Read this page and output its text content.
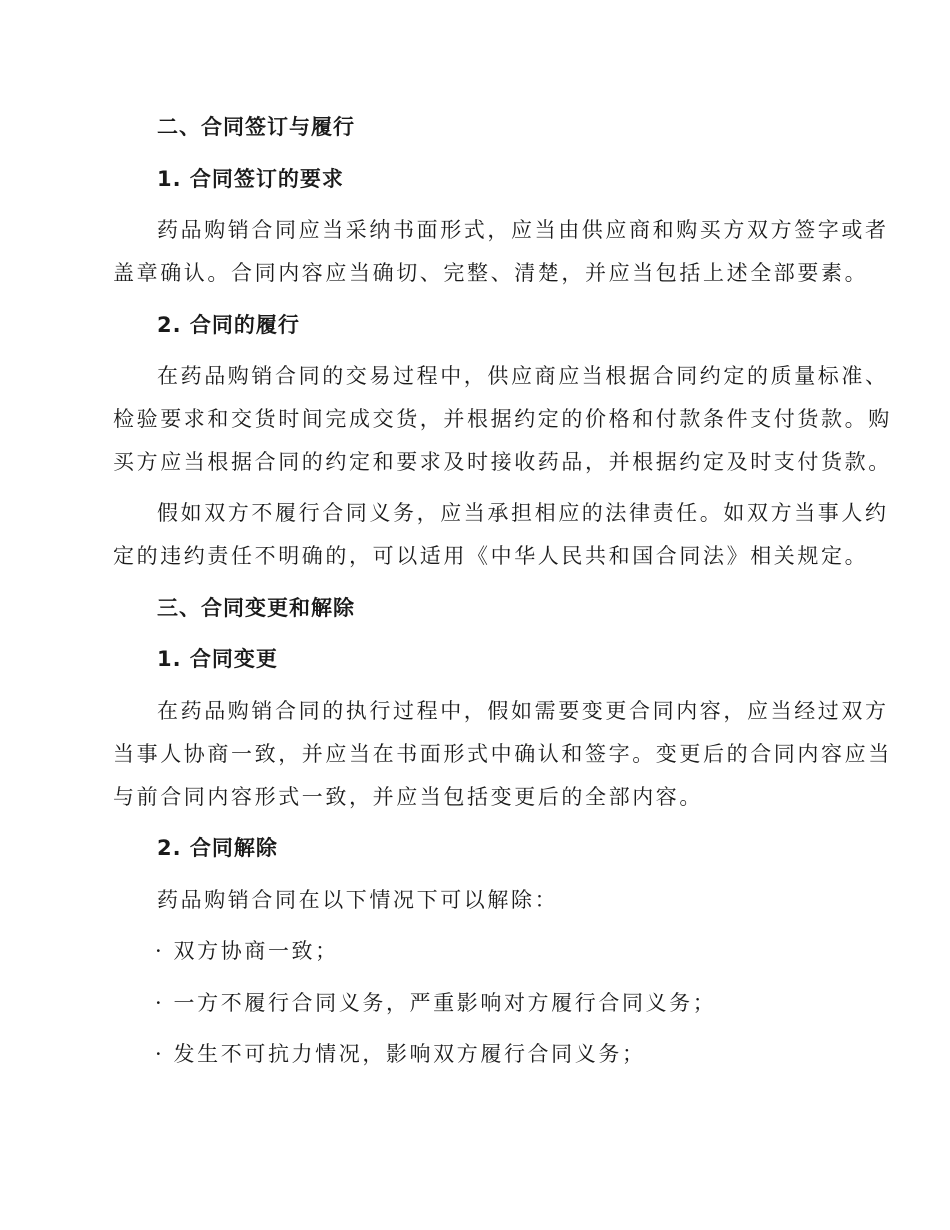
二、合同签订与履行
1. 合同签订的要求
药品购销合同应当采纳书面形式，应当由供应商和购买方双方签字或者
盖章确认。合同内容应当确切、完整、清楚，并应当包括上述全部要素。
2. 合同的履行
在药品购销合同的交易过程中，供应商应当根据合同约定的质量标准、
检验要求和交货时间完成交货，并根据约定的价格和付款条件支付货款。购
买方应当根据合同的约定和要求及时接收药品，并根据约定及时支付货款。
假如双方不履行合同义务，应当承担相应的法律责任。如双方当事人约
定的违约责任不明确的，可以适用《中华人民共和国合同法》相关规定。
三、合同变更和解除
1. 合同变更
在药品购销合同的执行过程中，假如需要变更合同内容，应当经过双方
当事人协商一致，并应当在书面形式中确认和签字。变更后的合同内容应当
与前合同内容形式一致，并应当包括变更后的全部内容。
2. 合同解除
药品购销合同在以下情况下可以解除：
· 双方协商一致；
· 一方不履行合同义务，严重影响对方履行合同义务；
· 发生不可抗力情况，影响双方履行合同义务；
